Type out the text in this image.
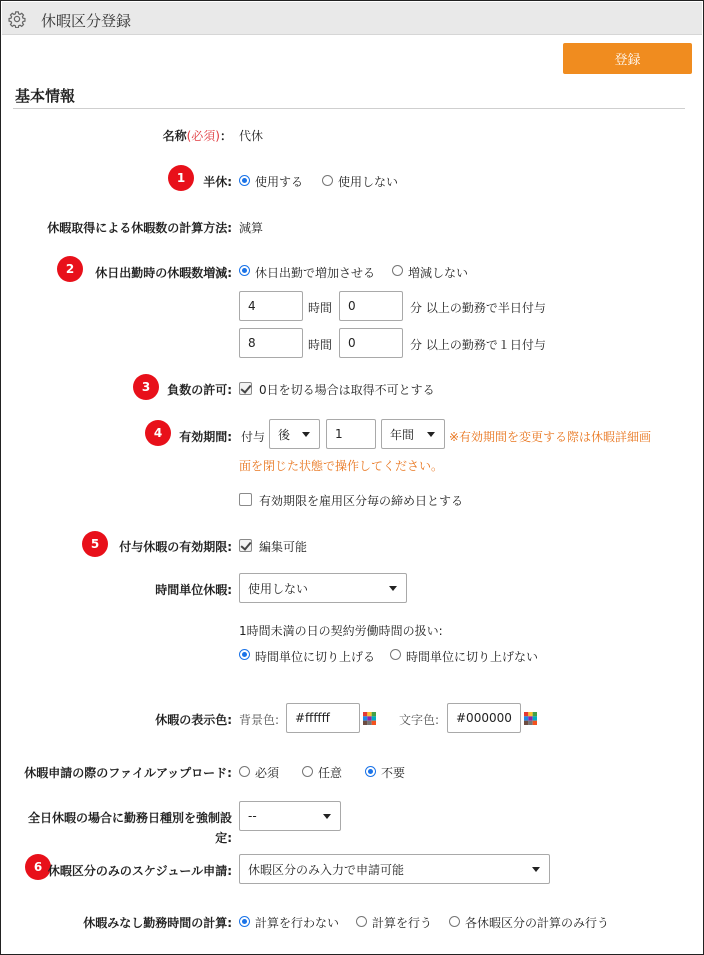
休暇区分登録
登録
基本情報
名称(必須)： 代休
1	半休: 使用する	使用しない
休暇取得による休暇数の計算方法: 減算
2	休日出勤時の休暇数増減: 休日出勤で増加させる	増減しない
4	時間	0	分 以上の勤務で半日付与
8	時間	0	分 以上の勤務で１日付与
3	負数の許可: 0日を切る場合は取得不可とする
4	有効期間: 付与 後	1	年間	※有効期間を変更する際は休暇詳細画
面を閉じた状態で操作してください。
有効期限を雇用区分毎の締め日とする
5	付与休暇の有効期限: 編集可能
時間単位休暇: 使用しない
1時間未満の日の契約労働時間の扱い:
時間単位に切り上げる	時間単位に切り上げない
休暇の表示色: 背景色:	#ffffff	文字色:	#000000
休暇申請の際のファイルアップロード: 必須	任意	不要
全日休暇の場合に勤務日種別を強制設
定:
--
6 休暇区分のみのスケジュール申請: 休暇区分のみ入力で申請可能
休暇みなし勤務時間の計算: 計算を行わない	計算を行う	各休暇区分の計算のみ行う
